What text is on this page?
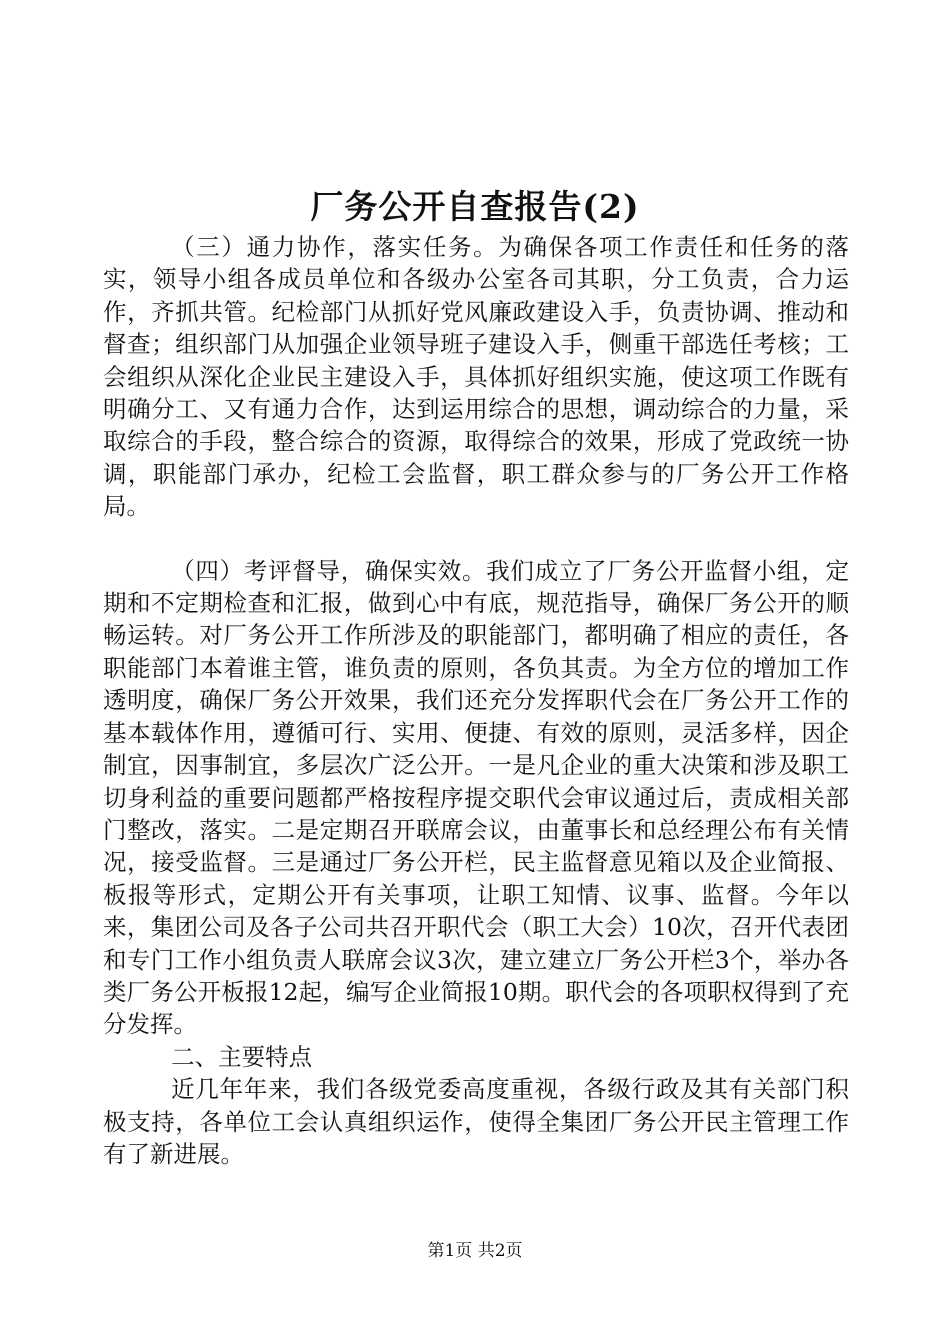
厂务公开自查报告(2)

（三）通力协作，落实任务。为确保各项工作责任和任务的落实，领导小组各成员单位和各级办公室各司其职，分工负责，合力运作，齐抓共管。纪检部门从抓好党风廉政建设入手，负责协调、推动和督查；组织部门从加强企业领导班子建设入手，侧重干部选任考核；工会组织从深化企业民主建设入手，具体抓好组织实施，使这项工作既有明确分工、又有通力合作，达到运用综合的思想，调动综合的力量，采取综合的手段，整合综合的资源，取得综合的效果，形成了党政统一协调，职能部门承办，纪检工会监督，职工群众参与的厂务公开工作格局。

（四）考评督导，确保实效。我们成立了厂务公开监督小组，定期和不定期检查和汇报，做到心中有底，规范指导，确保厂务公开的顺畅运转。对厂务公开工作所涉及的职能部门，都明确了相应的责任，各职能部门本着谁主管，谁负责的原则，各负其责。为全方位的增加工作透明度，确保厂务公开效果，我们还充分发挥职代会在厂务公开工作的基本载体作用，遵循可行、实用、便捷、有效的原则，灵活多样，因企制宜，因事制宜，多层次广泛公开。一是凡企业的重大决策和涉及职工切身利益的重要问题都严格按程序提交职代会审议通过后，责成相关部门整改，落实。二是定期召开联席会议，由董事长和总经理公布有关情况，接受监督。三是通过厂务公开栏，民主监督意见箱以及企业简报、板报等形式，定期公开有关事项，让职工知情、议事、监督。今年以来，集团公司及各子公司共召开职代会（职工大会）10次，召开代表团和专门工作小组负责人联席会议3次，建立建立厂务公开栏3个，举办各类厂务公开板报12起，编写企业简报10期。职代会的各项职权得到了充分发挥。

二、主要特点

近几年年来，我们各级党委高度重视，各级行政及其有关部门积极支持，各单位工会认真组织运作，使得全集团厂务公开民主管理工作有了新进展。

第1页 共2页
